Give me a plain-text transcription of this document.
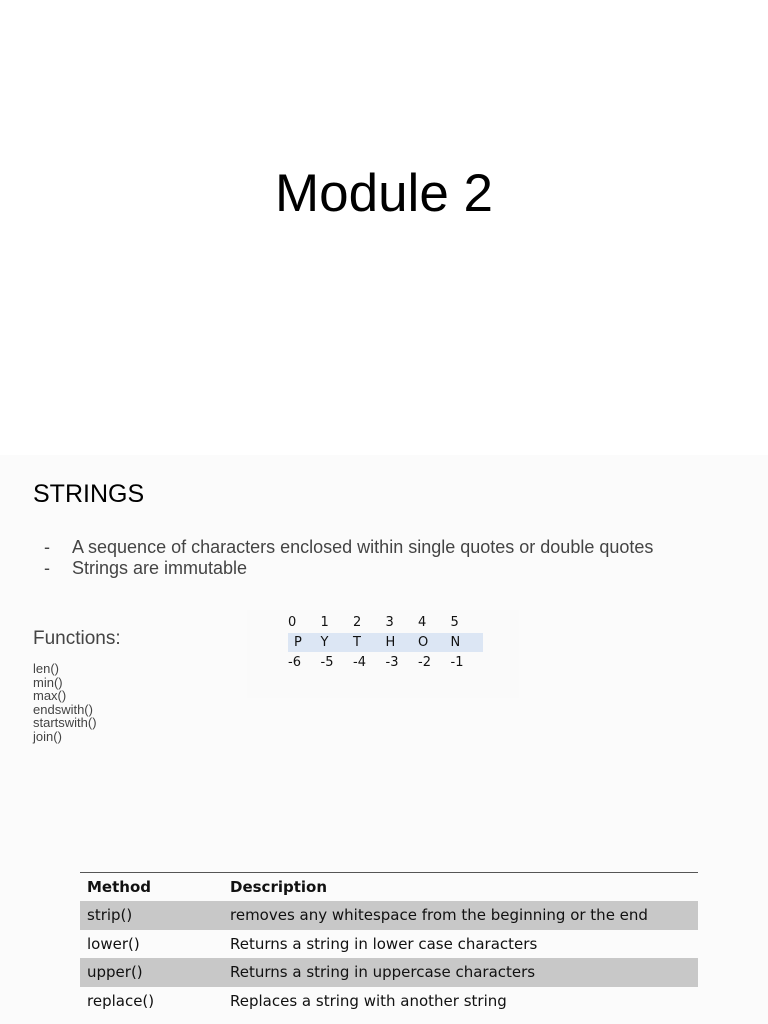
Module 2
STRINGS
-	A sequence of characters enclosed within single quotes or double quotes
-	Strings are immutable
Functions:
len()
min()
max()
endswith()
startswith()
join()
0	1	2	3	4	5
P	Y	T	H	O	N
-6	-5	-4	-3	-2	-1
Method	Description
strip()	removes any whitespace from the beginning or the end
lower()	Returns a string in lower case characters
upper()	Returns a string in uppercase characters
replace()	Replaces a string with another string
